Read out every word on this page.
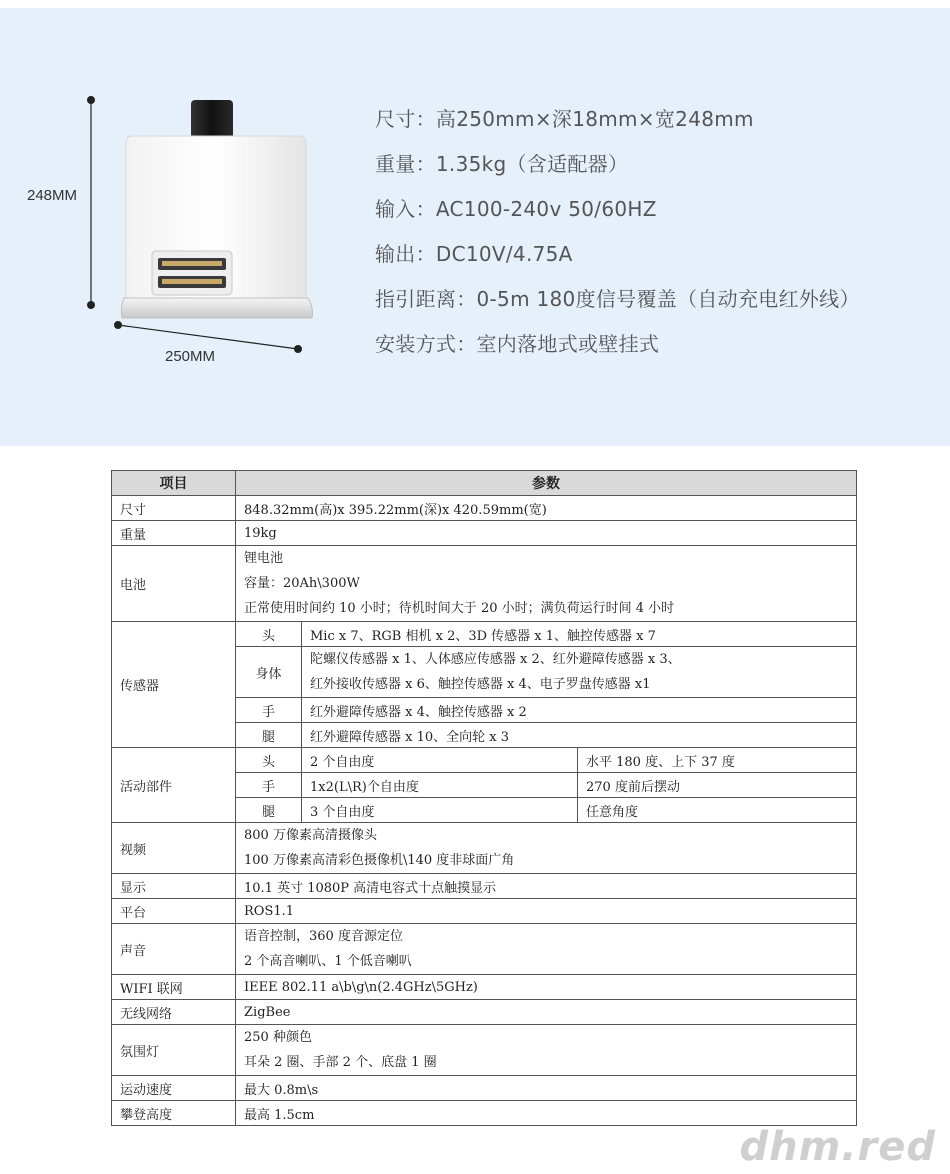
248MM
250MM
尺寸：高250mm×深18mm×宽248mm
重量：1.35kg（含适配器）
输入：AC100-240v 50/60HZ
输出：DC10V/4.75A
指引距离：0-5m 180度信号覆盖（自动充电红外线）
安装方式：室内落地式或壁挂式
项目	参数		
尺寸	848.32mm(高)x 395.22mm(深)x 420.59mm(宽)		
重量	19kg		
电池	锂电池
容量：20Ah\300W
正常使用时间约 10 小时；待机时间大于 20 小时；满负荷运行时间 4 小时		

传感器	头	Mic x 7、RGB 相机 x 2、3D 传感器 x 1、触控传感器 x 7	
	身体	陀螺仪传感器 x 1、人体感应传感器 x 2、红外避障传感器 x 3、
红外接收传感器 x 6、触控传感器 x 4、电子罗盘传感器 x1	

	手	红外避障传感器 x 4、触控传感器 x 2	
	腿	红外避障传感器 x 10、全向轮 x 3	
活动部件	头	2 个自由度	水平 180 度、上下 37 度
	手	1x2(L\R)个自由度	270 度前后摆动
	腿	3 个自由度	任意角度
视频	800 万像素高清摄像头
100 万像素高清彩色摄像机\140 度非球面广角		

显示	10.1 英寸 1080P 高清电容式十点触摸显示		
平台	ROS1.1		
声音	语音控制，360 度音源定位
2 个高音喇叭、1 个低音喇叭		

WIFI 联网	IEEE 802.11 a\b\g\n(2.4GHz\5GHz)		
无线网络	ZigBee		
氛围灯	250 种颜色
耳朵 2 圈、手部 2 个、底盘 1 圈		

运动速度	最大 0.8m\s		
攀登高度	最高 1.5cm		
dhm.red
